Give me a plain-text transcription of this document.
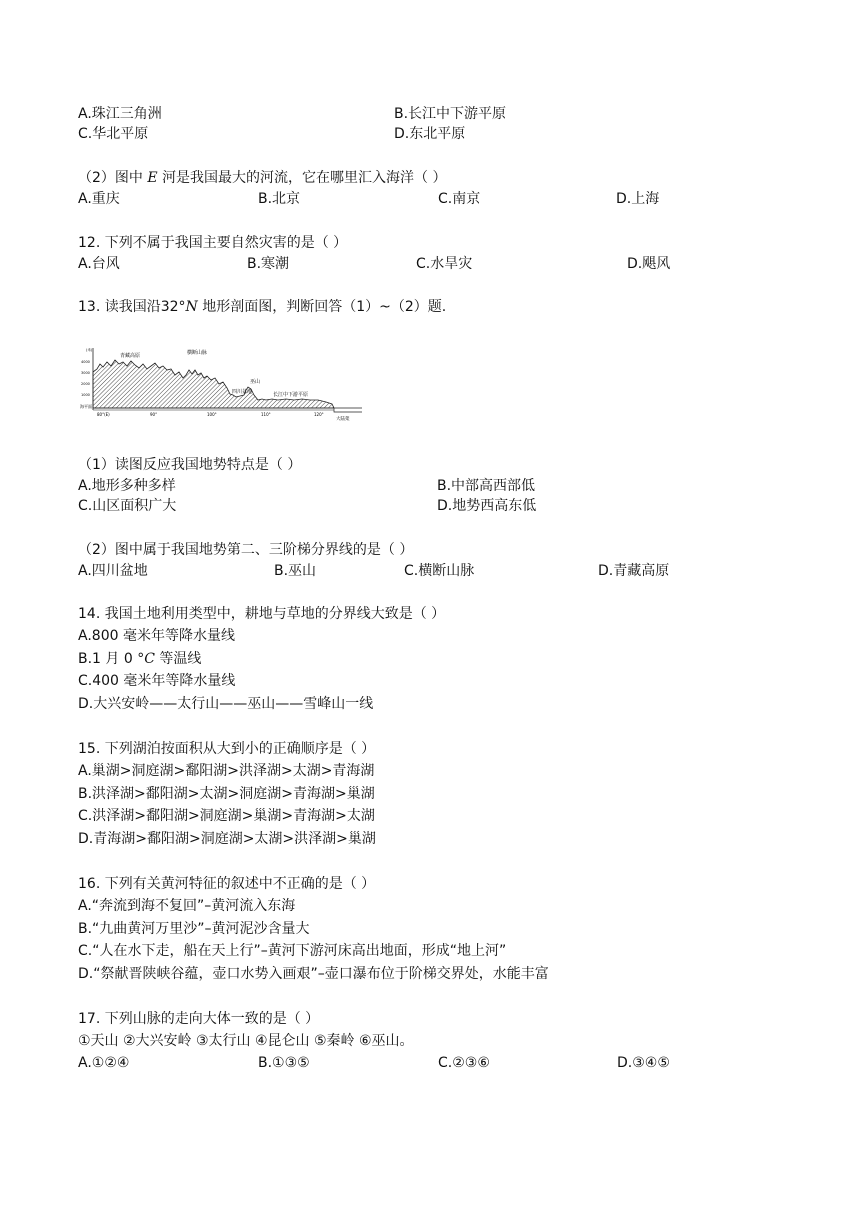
A.珠江三角洲	B.长江中下游平原
C.华北平原	D.东北平原
（2）图中 E 河是我国最大的河流，它在哪里汇入海洋（ ）
A.重庆	B.北京	C.南京	D.上海
12. 下列不属于我国主要自然灾害的是（ ）
A.台风	B.寒潮	C.水旱灾	D.飓风
13. 读我国沿32°N 地形剖面图，判断回答（1）~（2）题.
(米)
4000
3000
2000
1000
海平面
青藏高原	横断山脉
四川盆地
巫山
长江中下游平原
80°(E)	90°	100°	110°	120°
大陆架
（1）读图反应我国地势特点是（ ）
A.地形多种多样	B.中部高西部低
C.山区面积广大	D.地势西高东低
（2）图中属于我国地势第二、三阶梯分界线的是（ ）
A.四川盆地	B.巫山	C.横断山脉	D.青藏高原
14. 我国土地利用类型中，耕地与草地的分界线大致是（ ）
A.800 毫米年等降水量线
B.1 月 0 °C 等温线
C.400 毫米年等降水量线
D.大兴安岭——太行山——巫山——雪峰山一线
15. 下列湖泊按面积从大到小的正确顺序是（ ）
A.巢湖>洞庭湖>鄱阳湖>洪泽湖>太湖>青海湖
B.洪泽湖>鄱阳湖>太湖>洞庭湖>青海湖>巢湖
C.洪泽湖>鄱阳湖>洞庭湖>巢湖>青海湖>太湖
D.青海湖>鄱阳湖>洞庭湖>太湖>洪泽湖>巢湖
16. 下列有关黄河特征的叙述中不正确的是（ ）
A.“奔流到海不复回”–黄河流入东海
B.“九曲黄河万里沙”–黄河泥沙含量大
C.“人在水下走，船在天上行”–黄河下游河床高出地面，形成“地上河”
D.“祭献晋陕峡谷蕴，壶口水势入画艰”–壶口瀑布位于阶梯交界处，水能丰富
17. 下列山脉的走向大体一致的是（ ）
①天山 ②大兴安岭 ③太行山 ④昆仑山 ⑤秦岭 ⑥巫山。
A.①②④	B.①③⑤	C.②③⑥	D.③④⑤
